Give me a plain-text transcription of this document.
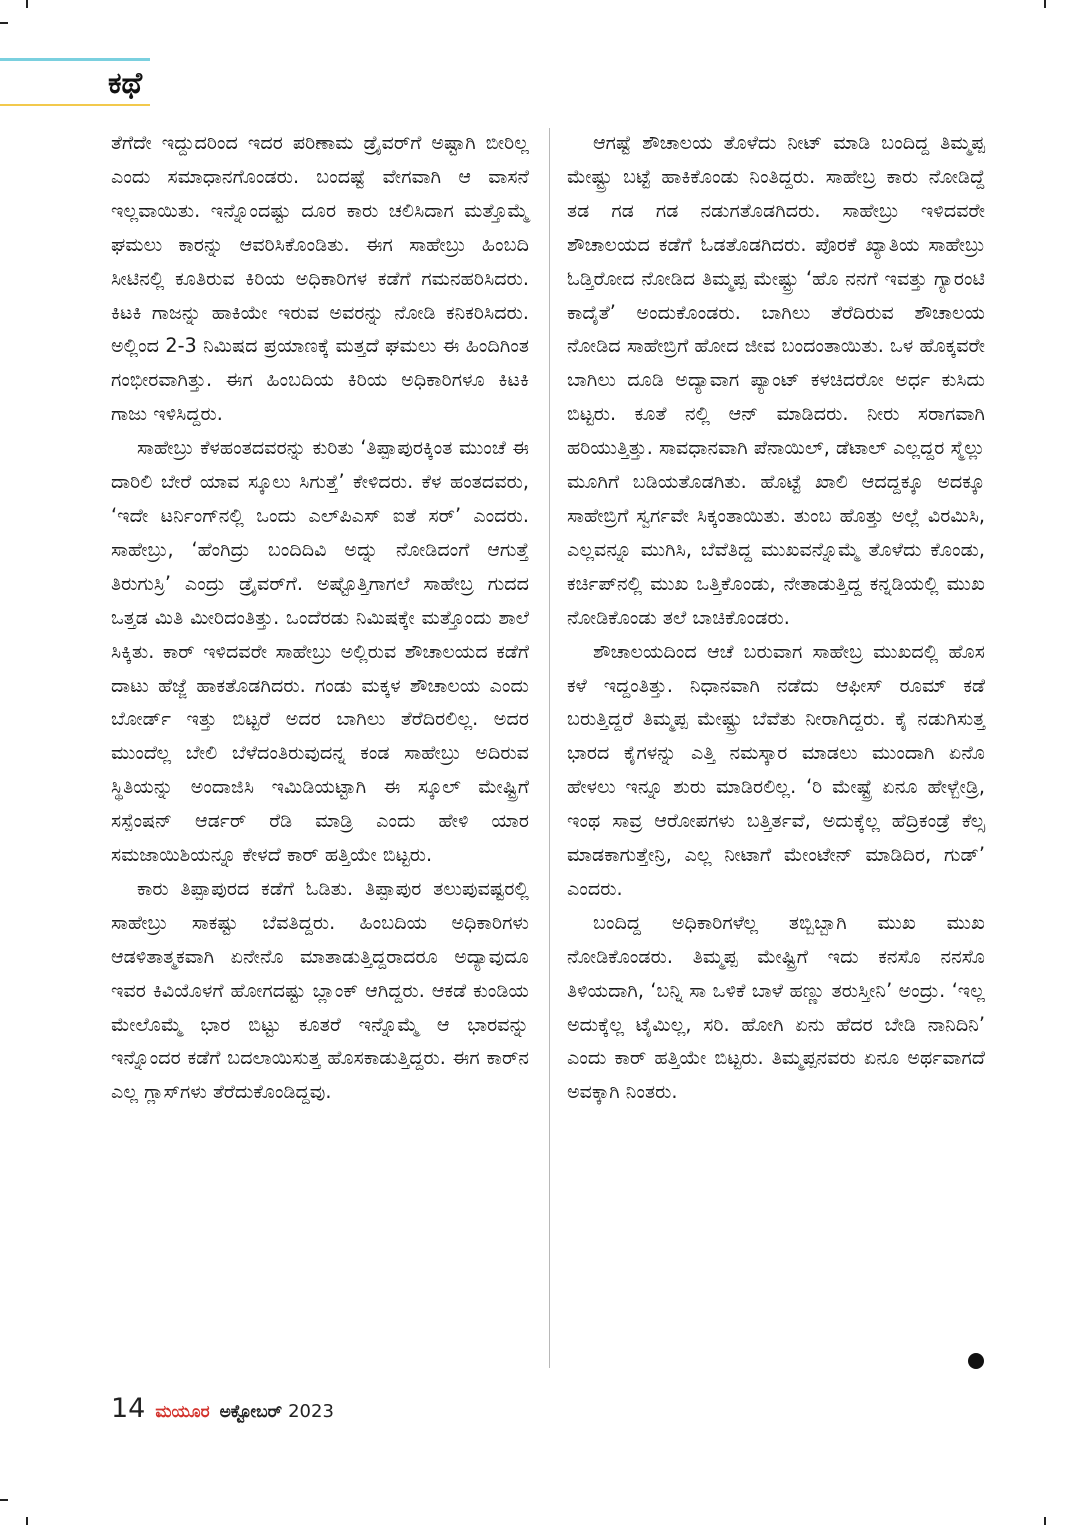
ಕಥೆ

ತೆಗೆದೇ ಇದ್ದುದರಿಂದ ಇದರ ಪರಿಣಾಮ ಡ್ರೈವರ್‌ಗೆ ಅಷ್ಟಾಗಿ ಬೀರಿಲ್ಲ ಎಂದು ಸಮಾಧಾನಗೊಂಡರು. ಬಂದಷ್ಟೆ ವೇಗವಾಗಿ ಆ ವಾಸನೆ ಇಲ್ಲವಾಯಿತು. ಇನ್ನೊಂದಷ್ಟು ದೂರ ಕಾರು ಚಲಿಸಿದಾಗ ಮತ್ತೊಮ್ಮೆ ಘಮಲು ಕಾರನ್ನು ಆವರಿಸಿಕೊಂಡಿತು. ಈಗ ಸಾಹೇಬ್ರು ಹಿಂಬದಿ ಸೀಟಿನಲ್ಲಿ ಕೂತಿರುವ ಕಿರಿಯ ಅಧಿಕಾರಿಗಳ ಕಡೆಗೆ ಗಮನಹರಿಸಿದರು. ಕಿಟಕಿ ಗಾಜನ್ನು ಹಾಕಿಯೇ ಇರುವ ಅವರನ್ನು ನೋಡಿ ಕನಿಕರಿಸಿದರು. ಅಲ್ಲಿಂದ 2-3 ನಿಮಿಷದ ಪ್ರಯಾಣಕ್ಕೆ ಮತ್ತದೆ ಘಮಲು ಈ ಹಿಂದಿಗಿಂತ ಗಂಭೀರವಾಗಿತ್ತು. ಈಗ ಹಿಂಬದಿಯ ಕಿರಿಯ ಅಧಿಕಾರಿಗಳೂ ಕಿಟಕಿ ಗಾಜು ಇಳಿಸಿದ್ದರು.

ಸಾಹೇಬ್ರು ಕೆಳಹಂತದವರನ್ನು ಕುರಿತು ‘ತಿಪ್ಪಾಪುರಕ್ಕಿಂತ ಮುಂಚೆ ಈ ದಾರಿಲಿ ಬೇರೆ ಯಾವ ಸ್ಕೂಲು ಸಿಗುತ್ತೆ’ ಕೇಳಿದರು. ಕೆಳ ಹಂತದವರು, ‘ಇದೇ ಟರ್ನಿಂಗ್‌ನಲ್ಲಿ ಒಂದು ಎಲ್‌ಪಿಎಸ್ ಐತೆ ಸರ್’ ಎಂದರು. ಸಾಹೇಬ್ರು, ‘ಹೆಂಗಿದ್ರು ಬಂದಿದಿವಿ ಅದ್ನು ನೋಡಿದಂಗೆ ಆಗುತ್ತೆ ತಿರುಗುಸ್ರಿ’ ಎಂದ್ರು ಡ್ರೈವರ್‌ಗೆ. ಅಷ್ಟೊತ್ತಿಗಾಗಲೆ ಸಾಹೇಬ್ರ ಗುದದ ಒತ್ತಡ ಮಿತಿ ಮೀರಿದಂತಿತ್ತು. ಒಂದೆರಡು ನಿಮಿಷಕ್ಕೇ ಮತ್ತೊಂದು ಶಾಲೆ ಸಿಕ್ಕಿತು. ಕಾರ್ ಇಳಿದವರೇ ಸಾಹೇಬ್ರು ಅಲ್ಲಿರುವ ಶೌಚಾಲಯದ ಕಡೆಗೆ ದಾಟು ಹೆಜ್ಜೆ ಹಾಕತೊಡಗಿದರು. ಗಂಡು ಮಕ್ಕಳ ಶೌಚಾಲಯ ಎಂದು ಬೋರ್ಡ್ ಇತ್ತು ಬಿಟ್ಟರೆ ಅದರ ಬಾಗಿಲು ತೆರೆದಿರಲಿಲ್ಲ. ಅದರ ಮುಂದೆಲ್ಲ ಬೇಲಿ ಬೆಳೆದಂತಿರುವುದನ್ನ ಕಂಡ ಸಾಹೇಬ್ರು ಅದಿರುವ ಸ್ಥಿತಿಯನ್ನು ಅಂದಾಜಿಸಿ ಇಮಿಡಿಯಟ್ಟಾಗಿ ಈ ಸ್ಕೂಲ್ ಮೇಷ್ಟ್ರಿಗೆ ಸಸ್ಪೆಂಷನ್ ಆರ್ಡರ್ ರೆಡಿ ಮಾಡ್ರಿ ಎಂದು ಹೇಳಿ ಯಾರ ಸಮಜಾಯಿಶಿಯನ್ನೂ ಕೇಳದೆ ಕಾರ್ ಹತ್ತಿಯೇ ಬಿಟ್ಟರು.

ಕಾರು ತಿಪ್ಪಾಪುರದ ಕಡೆಗೆ ಓಡಿತು. ತಿಪ್ಪಾಪುರ ತಲುಪುವಷ್ಟರಲ್ಲಿ ಸಾಹೇಬ್ರು ಸಾಕಷ್ಟು ಬೆವತಿದ್ದರು. ಹಿಂಬದಿಯ ಅಧಿಕಾರಿಗಳು ಆಡಳಿತಾತ್ಮಕವಾಗಿ ಏನೇನೊ ಮಾತಾಡುತ್ತಿದ್ದರಾದರೂ ಅದ್ಯಾವುದೂ ಇವರ ಕಿವಿಯೊಳಗೆ ಹೋಗದಷ್ಟು ಬ್ಲಾಂಕ್ ಆಗಿದ್ದರು. ಆಕಡೆ ಕುಂಡಿಯ ಮೇಲೊಮ್ಮೆ ಭಾರ ಬಿಟ್ಟು ಕೂತರೆ ಇನ್ನೊಮ್ಮೆ ಆ ಭಾರವನ್ನು ಇನ್ನೊಂದರ ಕಡೆಗೆ ಬದಲಾಯಿಸುತ್ತ ಹೊಸಕಾಡುತ್ತಿದ್ದರು. ಈಗ ಕಾರ್‌ನ ಎಲ್ಲ ಗ್ಲಾಸ್‌ಗಳು ತೆರೆದುಕೊಂಡಿದ್ದವು.

ಆಗಷ್ಟೆ ಶೌಚಾಲಯ ತೊಳೆದು ನೀಟ್ ಮಾಡಿ ಬಂದಿದ್ದ ತಿಮ್ಮಪ್ಪ ಮೇಷ್ಟ್ರು ಬಟ್ಟೆ ಹಾಕಿಕೊಂಡು ನಿಂತಿದ್ದರು. ಸಾಹೇಬ್ರ ಕಾರು ನೋಡಿದ್ದೆ ತಡ ಗಡ ಗಡ ನಡುಗತೊಡಗಿದರು. ಸಾಹೇಬ್ರು ಇಳಿದವರೇ ಶೌಚಾಲಯದ ಕಡೆಗೆ ಓಡತೊಡಗಿದರು. ಪೊರಕೆ ಖ್ಯಾತಿಯ ಸಾಹೇಬ್ರು ಓಡ್ತಿರೋದ ನೋಡಿದ ತಿಮ್ಮಪ್ಪ ಮೇಷ್ಟ್ರು ‘ಹೊ ನನಗೆ ಇವತ್ತು ಗ್ಯಾರಂಟಿ ಕಾದೈತೆ’ ಅಂದುಕೊಂಡರು. ಬಾಗಿಲು ತೆರೆದಿರುವ ಶೌಚಾಲಯ ನೋಡಿದ ಸಾಹೇಬ್ರಿಗೆ ಹೋದ ಜೀವ ಬಂದಂತಾಯಿತು. ಒಳ ಹೊಕ್ಕವರೇ ಬಾಗಿಲು ದೂಡಿ ಅದ್ಯಾವಾಗ ಪ್ಯಾಂಟ್ ಕಳಚಿದರೋ ಅರ್ಧ ಕುಸಿದು ಬಿಟ್ಟರು. ಕೂತೆ ನಲ್ಲಿ ಆನ್ ಮಾಡಿದರು. ನೀರು ಸರಾಗವಾಗಿ ಹರಿಯುತ್ತಿತ್ತು. ಸಾವಧಾನವಾಗಿ ಪೆನಾಯಿಲ್, ಡೆಟಾಲ್ ಎಲ್ಲದ್ದರ ಸ್ಮೆಲ್ಲು ಮೂಗಿಗೆ ಬಡಿಯತೊಡಗಿತು. ಹೊಟ್ಟೆ ಖಾಲಿ ಆದದ್ದಕ್ಕೂ ಅದಕ್ಕೂ ಸಾಹೇಬ್ರಿಗೆ ಸ್ವರ್ಗವೇ ಸಿಕ್ಕಂತಾಯಿತು. ತುಂಬ ಹೊತ್ತು ಅಲ್ಲೆ ವಿರಮಿಸಿ, ಎಲ್ಲವನ್ನೂ ಮುಗಿಸಿ, ಬೆವೆತಿದ್ದ ಮುಖವನ್ನೊಮ್ಮೆ ತೊಳೆದು ಕೊಂಡು, ಕರ್ಚಿಪ್‌ನಲ್ಲಿ ಮುಖ ಒತ್ತಿಕೊಂಡು, ನೇತಾಡುತ್ತಿದ್ದ ಕನ್ನಡಿಯಲ್ಲಿ ಮುಖ ನೋಡಿಕೊಂಡು ತಲೆ ಬಾಚಿಕೊಂಡರು.

ಶೌಚಾಲಯದಿಂದ ಆಚೆ ಬರುವಾಗ ಸಾಹೇಬ್ರ ಮುಖದಲ್ಲಿ ಹೊಸ ಕಳೆ ಇದ್ದಂತಿತ್ತು. ನಿಧಾನವಾಗಿ ನಡೆದು ಆಫೀಸ್ ರೂಮ್ ಕಡೆ ಬರುತ್ತಿದ್ದರೆ ತಿಮ್ಮಪ್ಪ ಮೇಷ್ಟ್ರು ಬೆವೆತು ನೀರಾಗಿದ್ದರು. ಕೈ ನಡುಗಿಸುತ್ತ ಭಾರದ ಕೈಗಳನ್ನು ಎತ್ತಿ ನಮಸ್ಕಾರ ಮಾಡಲು ಮುಂದಾಗಿ ಏನೊ ಹೇಳಲು ಇನ್ನೂ ಶುರು ಮಾಡಿರಲಿಲ್ಲ. ‘ರಿ ಮೇಷ್ಟ್ರೆ ಏನೂ ಹೇಳ್ಬೇಡ್ರಿ, ಇಂಥ ಸಾವ್ರ ಆರೋಪಗಳು ಬತ್ತಿರ್ತವೆ, ಅದುಕ್ಕೆಲ್ಲ ಹೆದ್ರಿಕಂಡ್ರೆ ಕೆಲ್ಸ ಮಾಡಕಾಗುತ್ತೇನ್ರಿ, ಎಲ್ಲ ನೀಟಾಗೆ ಮೇಂಟೇನ್ ಮಾಡಿದಿರ, ಗುಡ್’ ಎಂದರು.

ಬಂದಿದ್ದ ಅಧಿಕಾರಿಗಳೆಲ್ಲ ತಬ್ಬಿಬ್ಬಾಗಿ ಮುಖ ಮುಖ ನೋಡಿಕೊಂಡರು. ತಿಮ್ಮಪ್ಪ ಮೇಷ್ಟ್ರಿಗೆ ಇದು ಕನಸೊ ನನಸೊ ತಿಳಿಯದಾಗಿ, ‘ಬನ್ನಿ ಸಾ ಒಳಿಕೆ ಬಾಳೆ ಹಣ್ಣು ತರುಸ್ತೀನಿ’ ಅಂದ್ರು. ‘ಇಲ್ಲ ಅದುಕ್ಕೆಲ್ಲ ಟೈಮಿಲ್ಲ, ಸರಿ. ಹೋಗಿ ಏನು ಹೆದರ ಬೇಡಿ ನಾನಿದಿನಿ’ ಎಂದು ಕಾರ್ ಹತ್ತಿಯೇ ಬಿಟ್ಟರು. ತಿಮ್ಮಪ್ಪನವರು ಏನೂ ಅರ್ಥವಾಗದೆ ಅವಕ್ಕಾಗಿ ನಿಂತರು.

14 ಮಯೂರ ಅಕ್ಟೋಬರ್ 2023
